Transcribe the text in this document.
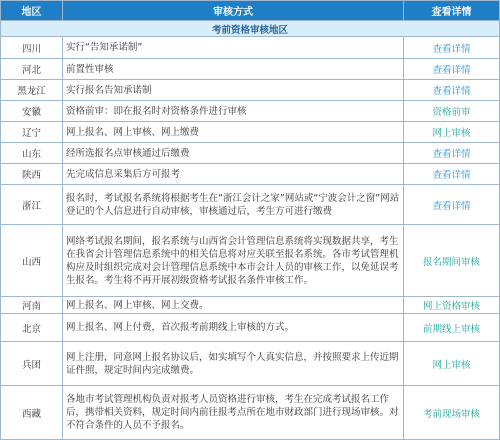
地区	审核方式	查看详情
考前资格审核地区		
四川	实行“告知承诺制”	查看详情
河北	前置性审核	查看详情
黑龙江	实行报名告知承诺制	查看详情
安徽	资格前审：即在报名时对资格条件进行审核	资格前审
辽宁	网上报名、网上审核、网上缴费	网上审核
山东	经所选报名点审核通过后缴费	查看详情
陕西	先完成信息采集后方可报考	查看详情
浙江	报名时，考试报名系统将根据考生在“浙江会计之家”网站或“宁波会计之窗”网站登记的个人信息进行自动审核，审核通过后，考生方可进行缴费	查看详情
山西	网络考试报名期间，报名系统与山西省会计管理信息系统将实现数据共享，考生在我省会计管理信息系统中的相关信息将对应关联至报名系统。各市考试管理机构应及时组织完成对会计管理信息系统中本市会计人员的审核工作，以免延误考生报名。考生将不再开展初级资格考试报名条件审核工作。	报名期间审核
河南	网上报名、网上审核、网上交费。	网上资格审核
北京	网上报名、网上付费，首次报考前期线上审核的方式。	前期线上审核
兵团	网上注册，同意网上报名协议后，如实填写个人真实信息，并按照要求上传近期证件照，规定时间内完成缴费。	网上审核
西藏	各地市考试管理机构负责对报考人员资格进行审核，考生在完成考试报名工作后，携带相关资料，规定时间内前往报考点所在地市财政部门进行现场审核。对不符合条件的人员不予报名。	考前现场审核
